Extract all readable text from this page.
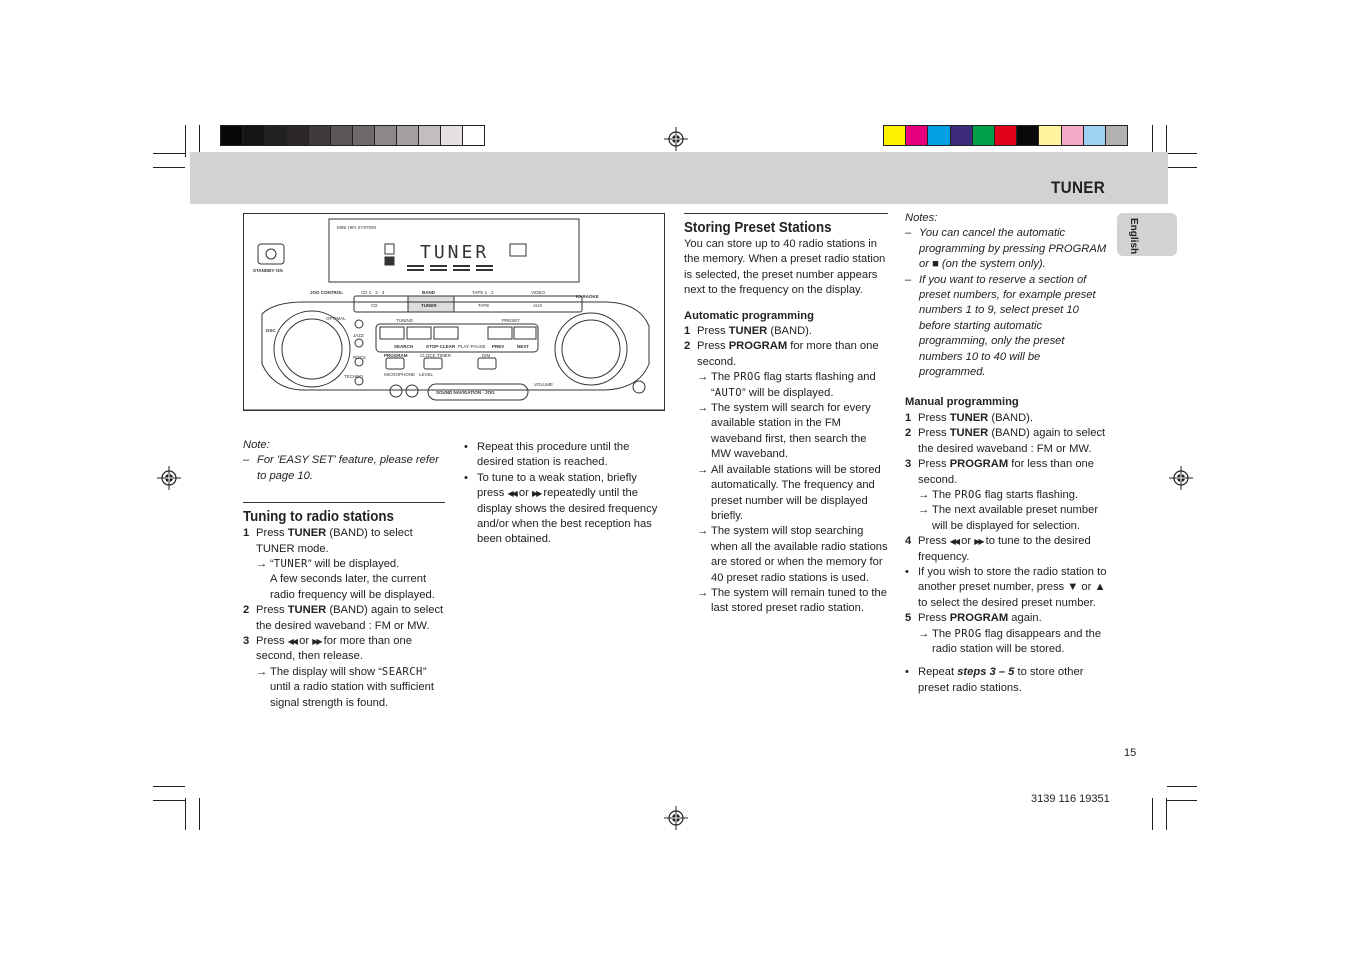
TUNER
English
MINI HIFI SYSTEM
TUNER
STANDBY·ON
JOG CONTROL	CD 1 · 2 · 3	BAND	TAPE 1 · 2	VIDEO
CD	TUNER	TAPE	AUX
KARAOKE
OPTIMAL
JAZZ
ROCK
TECHNO
DSC
TUNING	PRESET
SEARCH	STOP·CLEAR PLAY·PAUSE PREV	NEXT
PROGRAM	CLOCK·TIMER	DIM
MICROPHONE · LEVEL
SOUND NAVIGATION · JOG
VOLUME

Note:

– For 'EASY SET' feature, please refer to page 10.

Tuning to radio stations

1 Press TUNER (BAND) to select TUNER mode.
→ “TUNER” will be displayed.
A few seconds later, the current radio frequency will be displayed.
2 Press TUNER (BAND) again to select the desired waveband : FM or MW.
3 Press ◀◀ or ▶▶ for more than one second, then release.
→ The display will show “SEARCH” until a radio station with sufficient signal strength is found.
• Repeat this procedure until the desired station is reached.
• To tune to a weak station, briefly press ◀◀ or ▶▶ repeatedly until the display shows the desired frequency and/or when the best reception has been obtained.

Storing Preset Stations

You can store up to 40 radio stations in the memory. When a preset radio station is selected, the preset number appears next to the frequency on the display.

Automatic programming

1 Press TUNER (BAND).
2 Press PROGRAM for more than one second.
→ The PROG flag starts flashing and “AUTO” will be displayed.
→ The system will search for every available station in the FM waveband first, then search the MW waveband.
→ All available stations will be stored automatically. The frequency and preset number will be displayed briefly.
→ The system will stop searching when all the available radio stations are stored or when the memory for 40 preset radio stations is used.
→ The system will remain tuned to the last stored preset radio station.

Notes:

– You can cancel the automatic programming by pressing PROGRAM or ■ (on the system only).
– If you want to reserve a section of preset numbers, for example preset numbers 1 to 9, select preset 10 before starting automatic programming, only the preset numbers 10 to 40 will be programmed.

Manual programming

1 Press TUNER (BAND).
2 Press TUNER (BAND) again to select the desired waveband : FM or MW.
3 Press PROGRAM for less than one second.
→ The PROG flag starts flashing.
→ The next available preset number will be displayed for selection.
4 Press ◀◀ or ▶▶ to tune to the desired frequency.
• If you wish to store the radio station to another preset number, press ▼ or ▲ to select the desired preset number.
5 Press PROGRAM again.
→ The PROG flag disappears and the radio station will be stored.
• Repeat steps 3 – 5 to store other preset radio stations.
15
3139 116 19351
